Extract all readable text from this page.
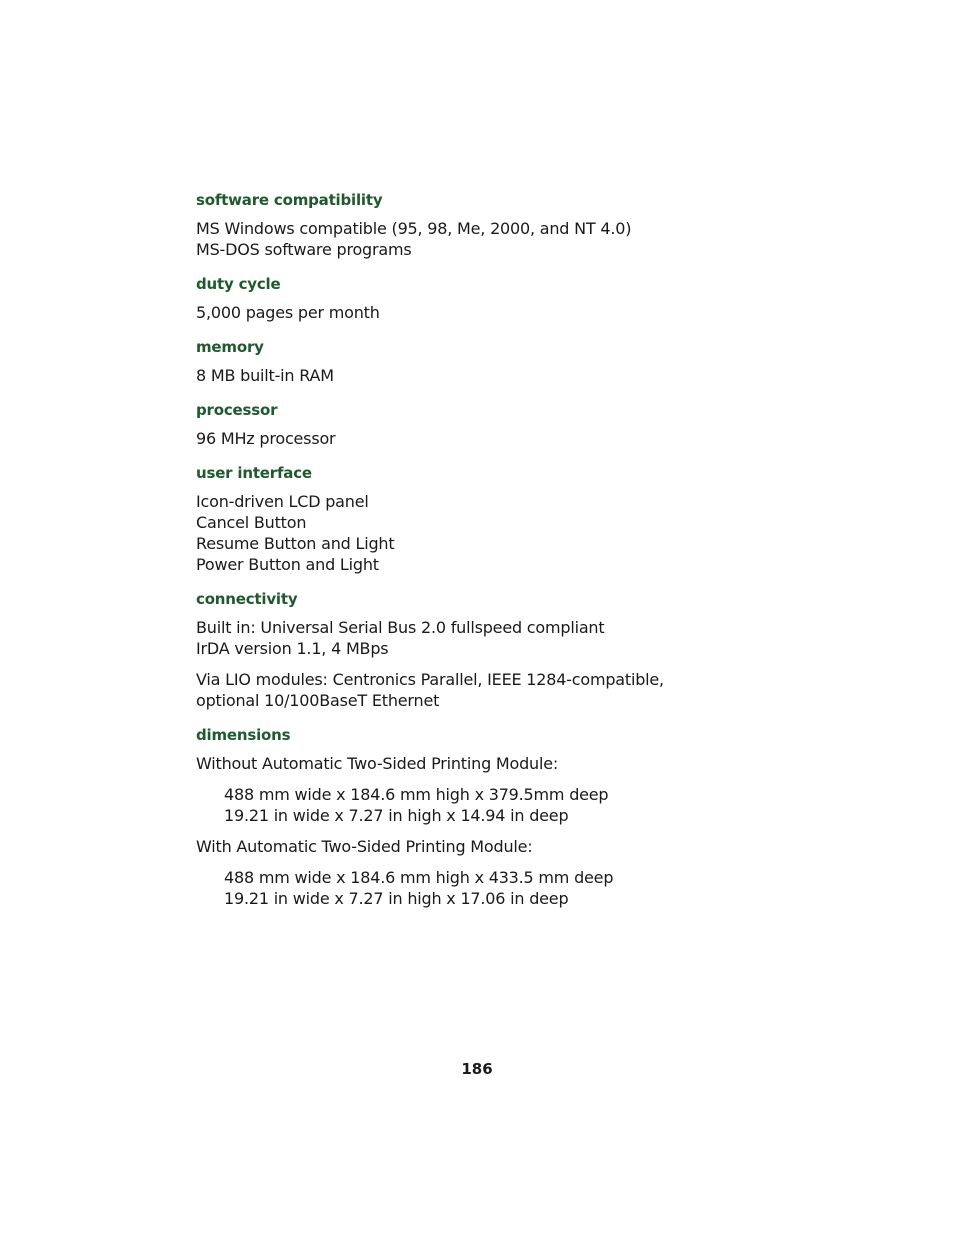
software compatibility
MS Windows compatible (95, 98, Me, 2000, and NT 4.0)
MS-DOS software programs
duty cycle
5,000 pages per month
memory
8 MB built-in RAM
processor
96 MHz processor
user interface
Icon-driven LCD panel
Cancel Button
Resume Button and Light
Power Button and Light
connectivity
Built in: Universal Serial Bus 2.0 fullspeed compliant
IrDA version 1.1, 4 MBps
Via LIO modules: Centronics Parallel, IEEE 1284-compatible,
optional 10/100BaseT Ethernet
dimensions
Without Automatic Two-Sided Printing Module:
488 mm wide x 184.6 mm high x 379.5mm deep
19.21 in wide x 7.27 in high x 14.94 in deep
With Automatic Two-Sided Printing Module:
488 mm wide x 184.6 mm high x 433.5 mm deep
19.21 in wide x 7.27 in high x 17.06 in deep
186
